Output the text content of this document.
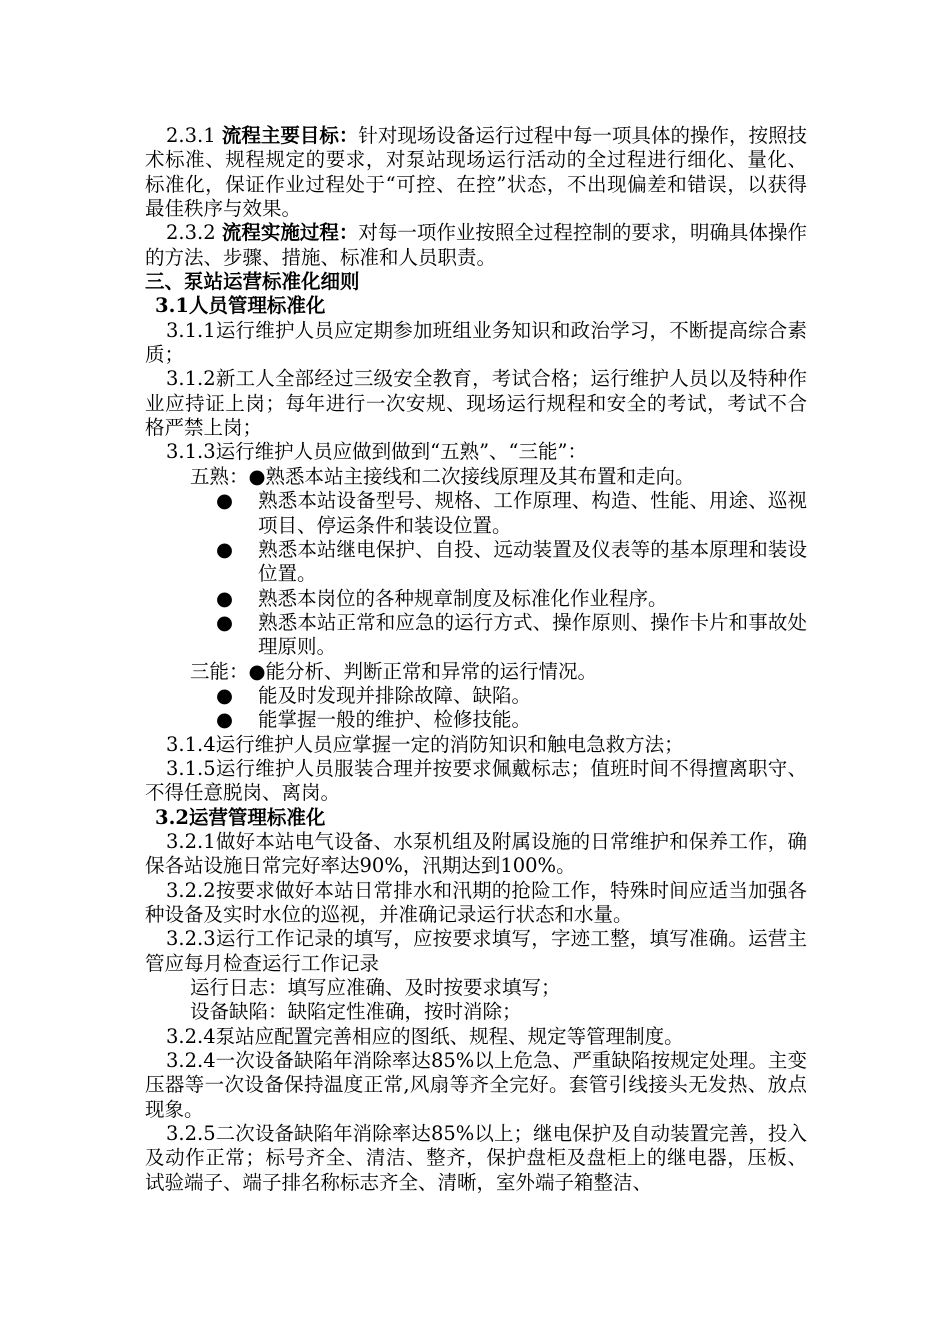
2.3.1 流程主要目标：针对现场设备运行过程中每一项具体的操作，按照技术标准、规程规定的要求，对泵站现场运行活动的全过程进行细化、量化、标准化，保证作业过程处于“可控、在控”状态，不出现偏差和错误，以获得最佳秩序与效果。

2.3.2 流程实施过程：对每一项作业按照全过程控制的要求，明确具体操作的方法、步骤、措施、标准和人员职责。

三、泵站运营标准化细则

3.1人员管理标准化

3.1.1运行维护人员应定期参加班组业务知识和政治学习，不断提高综合素质；

3.1.2新工人全部经过三级安全教育，考试合格；运行维护人员以及特种作业应持证上岗；每年进行一次安规、现场运行规程和安全的考试，考试不合格严禁上岗；

3.1.3运行维护人员应做到做到“五熟”、“三能”：

五熟：●熟悉本站主接线和二次接线原理及其布置和走向。

● 熟悉本站设备型号、规格、工作原理、构造、性能、用途、巡视项目、停运条件和装设位置。

● 熟悉本站继电保护、自投、远动装置及仪表等的基本原理和装设位置。

● 熟悉本岗位的各种规章制度及标准化作业程序。

● 熟悉本站正常和应急的运行方式、操作原则、操作卡片和事故处理原则。

三能：●能分析、判断正常和异常的运行情况。

● 能及时发现并排除故障、缺陷。

● 能掌握一般的维护、检修技能。

3.1.4运行维护人员应掌握一定的消防知识和触电急救方法；

3.1.5运行维护人员服装合理并按要求佩戴标志；值班时间不得擅离职守、不得任意脱岗、离岗。

3.2运营管理标准化

3.2.1做好本站电气设备、水泵机组及附属设施的日常维护和保养工作，确保各站设施日常完好率达90%，汛期达到100%。

3.2.2按要求做好本站日常排水和汛期的抢险工作，特殊时间应适当加强各种设备及实时水位的巡视，并准确记录运行状态和水量。

3.2.3运行工作记录的填写，应按要求填写，字迹工整，填写准确。运营主管应每月检查运行工作记录

运行日志：填写应准确、及时按要求填写；

设备缺陷：缺陷定性准确，按时消除；

3.2.4泵站应配置完善相应的图纸、规程、规定等管理制度。

3.2.4一次设备缺陷年消除率达85%以上危急、严重缺陷按规定处理。主变压器等一次设备保持温度正常,风扇等齐全完好。套管引线接头无发热、放点现象。

3.2.5二次设备缺陷年消除率达85%以上；继电保护及自动装置完善，投入及动作正常；标号齐全、清洁、整齐，保护盘柜及盘柜上的继电器，压板、试验端子、端子排名称标志齐全、清晰，室外端子箱整洁、
